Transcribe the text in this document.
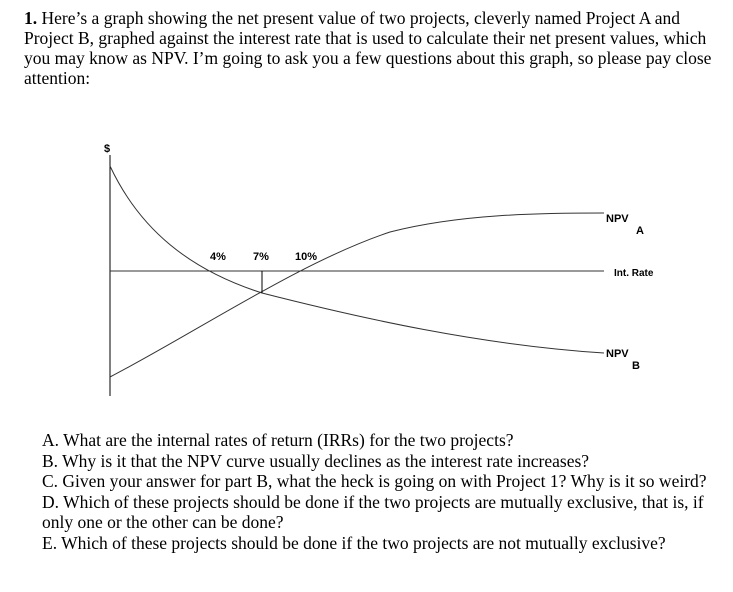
1. Here’s a graph showing the net present value of two projects, cleverly named Project A and Project B, graphed against the interest rate that is used to calculate their net present values, which you may know as NPV. I’m going to ask you a few questions about this graph, so please pay close attention:

$
4% 7% 10%
NPV
A
Int. Rate
NPV
B

A. What are the internal rates of return (IRRs) for the two projects?

B. Why is it that the NPV curve usually declines as the interest rate increases?

C. Given your answer for part B, what the heck is going on with Project 1? Why is it so weird?

D. Which of these projects should be done if the two projects are mutually exclusive, that is, if only one or the other can be done?

E. Which of these projects should be done if the two projects are not mutually exclusive?
